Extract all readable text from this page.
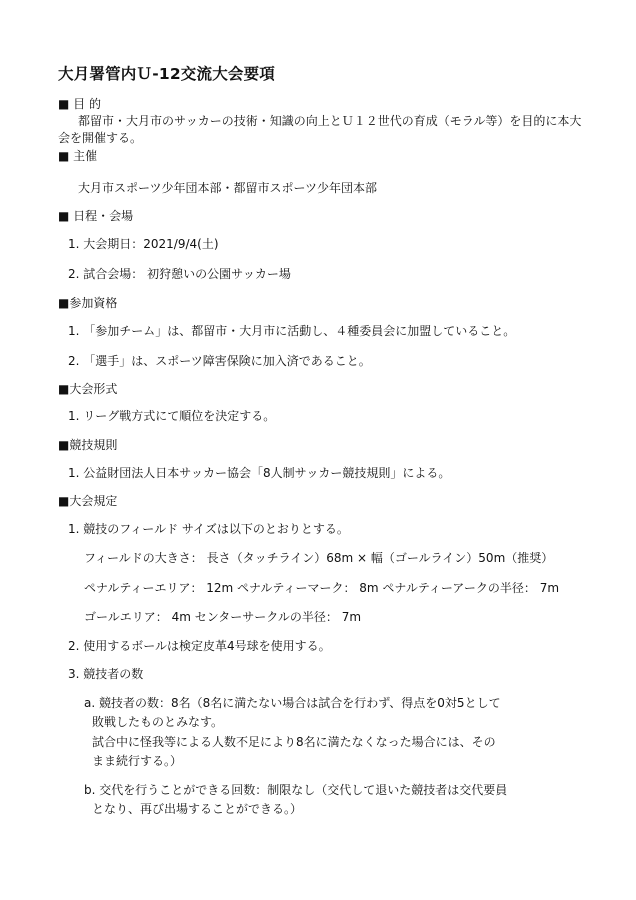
大月署管内Ｕ-12交流大会要項
■ 目 的
都留市・大月市のサッカーの技術・知識の向上とＵ１２世代の育成（モラル等）を目的に本大
会を開催する。
■ 主催
大月市スポーツ少年団本部・都留市スポーツ少年団本部
■ 日程・会場
1. 大会期日：2021/9/4(土)
2. 試合会場： 初狩憩いの公園サッカー場
■参加資格
1. 「参加チーム」は、都留市・大月市に活動し、４種委員会に加盟していること。
2. 「選手」は、スポーツ障害保険に加入済であること。
■大会形式
1. リーグ戦方式にて順位を決定する。
■競技規則
1. 公益財団法人日本サッカー協会「8人制サッカー競技規則」による。
■大会規定
1. 競技のフィールド サイズは以下のとおりとする。
フィールドの大きさ： 長さ（タッチライン）68m × 幅（ゴールライン）50m（推奨）
ペナルティーエリア： 12m ペナルティーマーク： 8m ペナルティーアークの半径： 7m
ゴールエリア： 4m センターサークルの半径： 7m
2. 使用するボールは検定皮革4号球を使用する。
3. 競技者の数
a. 競技者の数：8名（8名に満たない場合は試合を行わず、得点を0対5として
敗戦したものとみなす。
試合中に怪我等による人数不足により8名に満たなくなった場合には、その
まま続行する。）
b. 交代を行うことができる回数：制限なし（交代して退いた競技者は交代要員
となり、再び出場することができる。）
